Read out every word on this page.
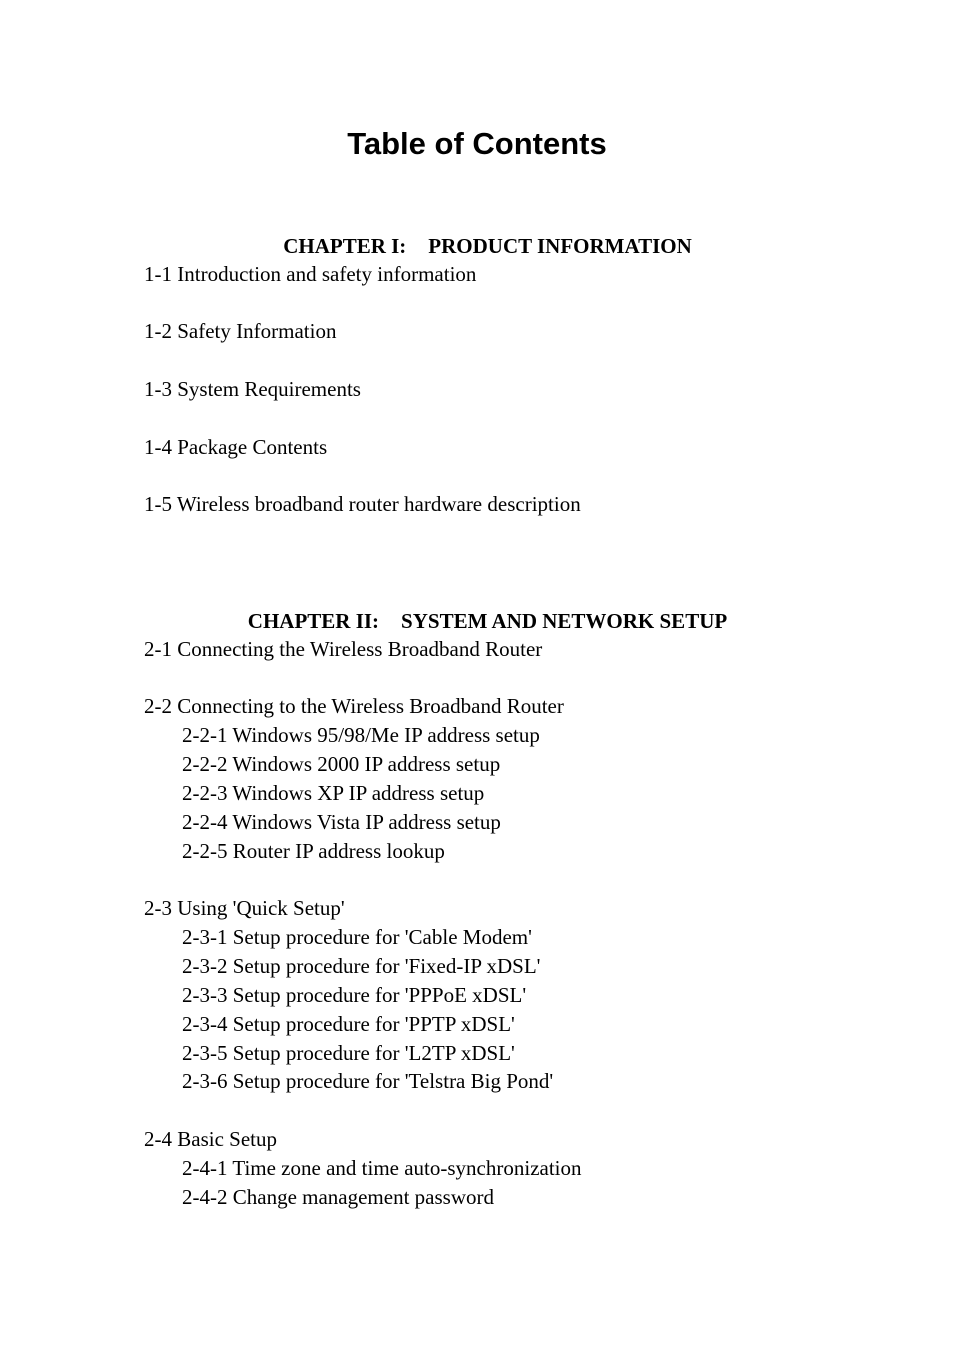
Table of Contents

CHAPTER I: PRODUCT INFORMATION

1-1 Introduction and safety information
1-2 Safety Information
1-3 System Requirements
1-4 Package Contents
1-5 Wireless broadband router hardware description

CHAPTER II: SYSTEM AND NETWORK SETUP

2-1 Connecting the Wireless Broadband Router
2-2 Connecting to the Wireless Broadband Router
2-2-1 Windows 95/98/Me IP address setup
2-2-2 Windows 2000 IP address setup
2-2-3 Windows XP IP address setup
2-2-4 Windows Vista IP address setup
2-2-5 Router IP address lookup
2-3 Using 'Quick Setup'
2-3-1 Setup procedure for 'Cable Modem'
2-3-2 Setup procedure for 'Fixed-IP xDSL'
2-3-3 Setup procedure for 'PPPoE xDSL'
2-3-4 Setup procedure for 'PPTP xDSL'
2-3-5 Setup procedure for 'L2TP xDSL'
2-3-6 Setup procedure for 'Telstra Big Pond'
2-4 Basic Setup
2-4-1 Time zone and time auto-synchronization
2-4-2 Change management password
